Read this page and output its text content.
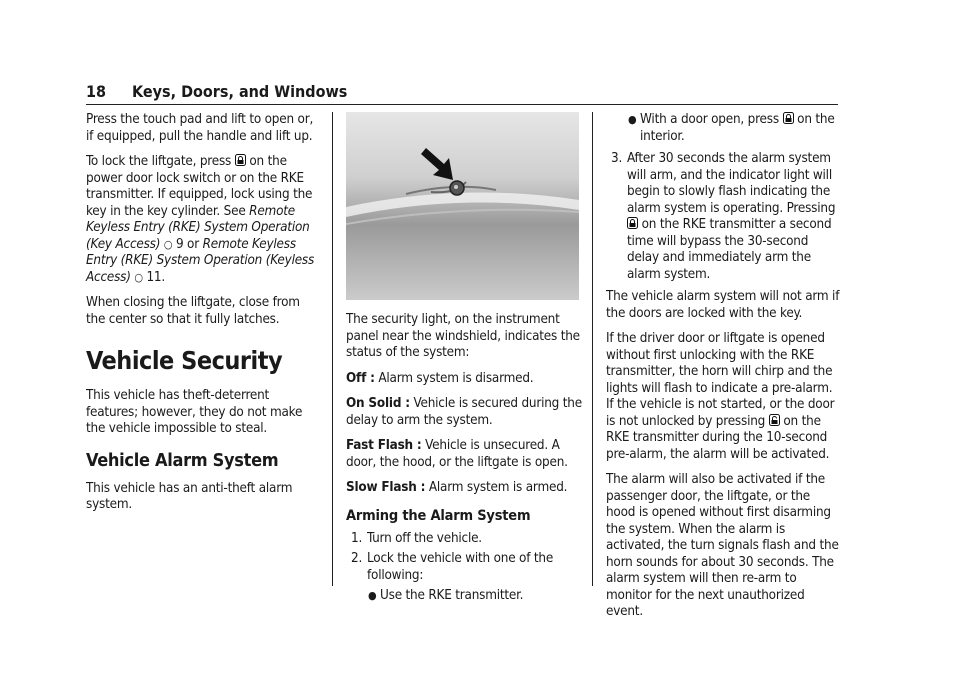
18 Keys, Doors, and Windows

Press the touch pad and lift to open or, if equipped, pull the handle and lift up.

To lock the liftgate, press on the power door lock switch or on the RKE transmitter. If equipped, lock using the key in the key cylinder. See Remote Keyless Entry (RKE) System Operation (Key Access) ○ 9 or Remote Keyless Entry (RKE) System Operation (Keyless Access) ○ 11.

When closing the liftgate, close from the center so that it fully latches.

Vehicle Security

This vehicle has theft-deterrent features; however, they do not make the vehicle impossible to steal.

Vehicle Alarm System

This vehicle has an anti-theft alarm system.

The security light, on the instrument panel near the windshield, indicates the status of the system:

Off : Alarm system is disarmed.

On Solid : Vehicle is secured during the delay to arm the system.

Fast Flash : Vehicle is unsecured. A door, the hood, or the liftgate is open.

Slow Flash : Alarm system is armed.

Arming the Alarm System
1. Turn off the vehicle.
2. Lock the vehicle with one of the following:
● Use the RKE transmitter.
● With a door open, press on the interior.
3. After 30 seconds the alarm system will arm, and the indicator light will begin to slowly flash indicating the alarm system is operating. Pressing  on the RKE transmitter a second time will bypass the 30-second delay and immediately arm the alarm system.

The vehicle alarm system will not arm if the doors are locked with the key.

If the driver door or liftgate is opened without first unlocking with the RKE transmitter, the horn will chirp and the lights will flash to indicate a pre-alarm.

If the vehicle is not started, or the door is not unlocked by pressing on the RKE transmitter during the 10-second pre-alarm, the alarm will be activated.

The alarm will also be activated if the passenger door, the liftgate, or the hood is opened without first disarming the system. When the alarm is activated, the turn signals flash and the horn sounds for about 30 seconds. The alarm system will then re-arm to monitor for the next unauthorized event.
